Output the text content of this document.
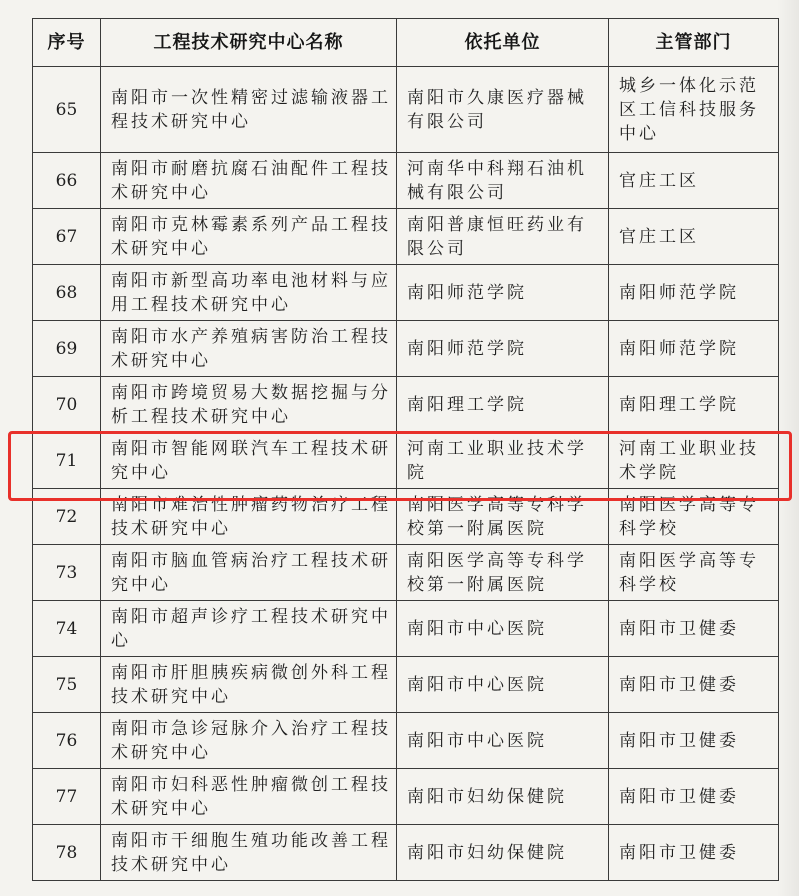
序号	工程技术研究中心名称	依托单位	主管部门
65	南阳市一次性精密过滤输液器工程技术研究中心	南阳市久康医疗器械有限公司	城乡一体化示范区工信科技服务中心
66	南阳市耐磨抗腐石油配件工程技术研究中心	河南华中科翔石油机械有限公司	官庄工区
67	南阳市克林霉素系列产品工程技术研究中心	南阳普康恒旺药业有限公司	官庄工区
68	南阳市新型高功率电池材料与应用工程技术研究中心	南阳师范学院	南阳师范学院
69	南阳市水产养殖病害防治工程技术研究中心	南阳师范学院	南阳师范学院
70	南阳市跨境贸易大数据挖掘与分析工程技术研究中心	南阳理工学院	南阳理工学院
71	南阳市智能网联汽车工程技术研究中心	河南工业职业技术学院	河南工业职业技术学院
72	南阳市难治性肿瘤药物治疗工程技术研究中心	南阳医学高等专科学校第一附属医院	南阳医学高等专科学校
73	南阳市脑血管病治疗工程技术研究中心	南阳医学高等专科学校第一附属医院	南阳医学高等专科学校
74	南阳市超声诊疗工程技术研究中心	南阳市中心医院	南阳市卫健委
75	南阳市肝胆胰疾病微创外科工程技术研究中心	南阳市中心医院	南阳市卫健委
76	南阳市急诊冠脉介入治疗工程技术研究中心	南阳市中心医院	南阳市卫健委
77	南阳市妇科恶性肿瘤微创工程技术研究中心	南阳市妇幼保健院	南阳市卫健委
78	南阳市干细胞生殖功能改善工程技术研究中心	南阳市妇幼保健院	南阳市卫健委
